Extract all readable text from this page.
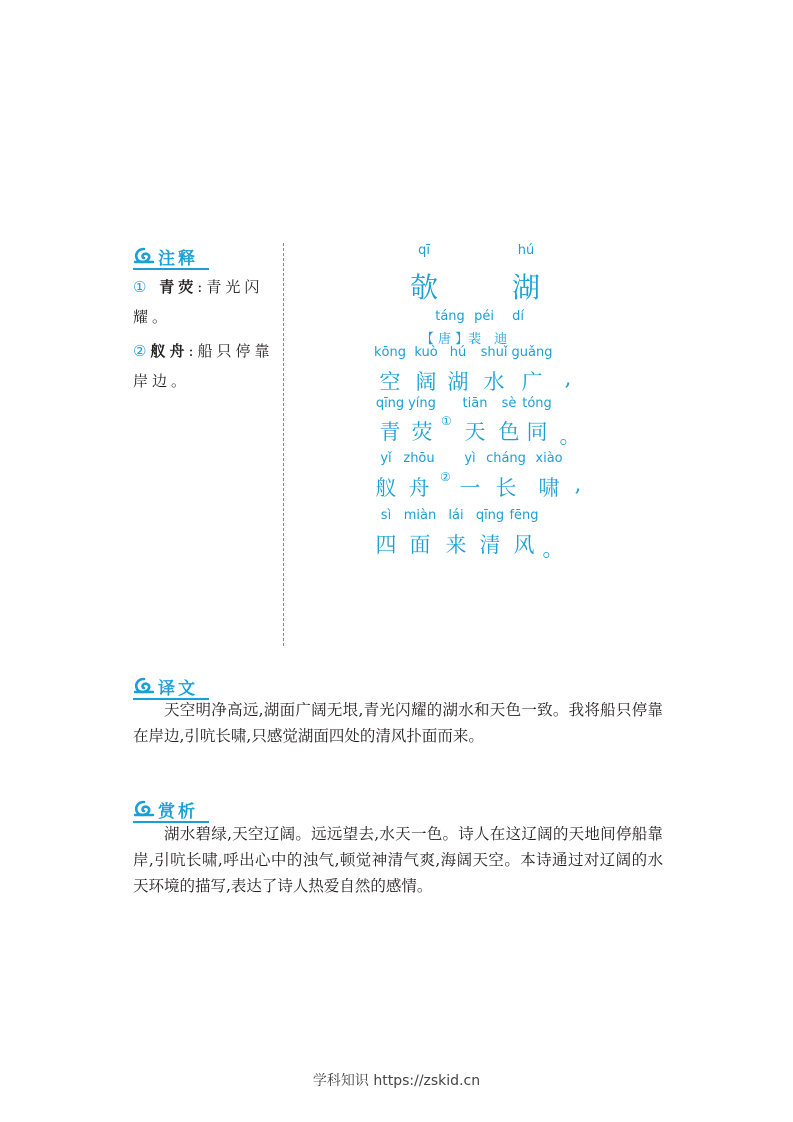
注释
① 青荧:青光闪耀。
②舣舟:船只停靠岸边。
qī	hú
欹	湖
táng péi dí
【 唐 】裴　迪
kōng kuò hú shuǐ guǎng
空 阔 湖 水 广 ,
qīng yíng tiān sè tóng
青 荧 ① 天 色 同 。
yǐ zhōu yì cháng xiào
舣 舟 ② 一 长 啸 ,
sì miàn lái qīng fēng
四 面 来 清 风 。
译文
天空明净高远,湖面广阔无垠,青光闪耀的湖水和天色一致。我将船只停靠在岸边,引吭长啸,只感觉湖面四处的清风扑面而来。
赏析
湖水碧绿,天空辽阔。远远望去,水天一色。诗人在这辽阔的天地间停船靠岸,引吭长啸,呼出心中的浊气,顿觉神清气爽,海阔天空。本诗通过对辽阔的水天环境的描写,表达了诗人热爱自然的感情。
学科知识 https://zskid.cn
